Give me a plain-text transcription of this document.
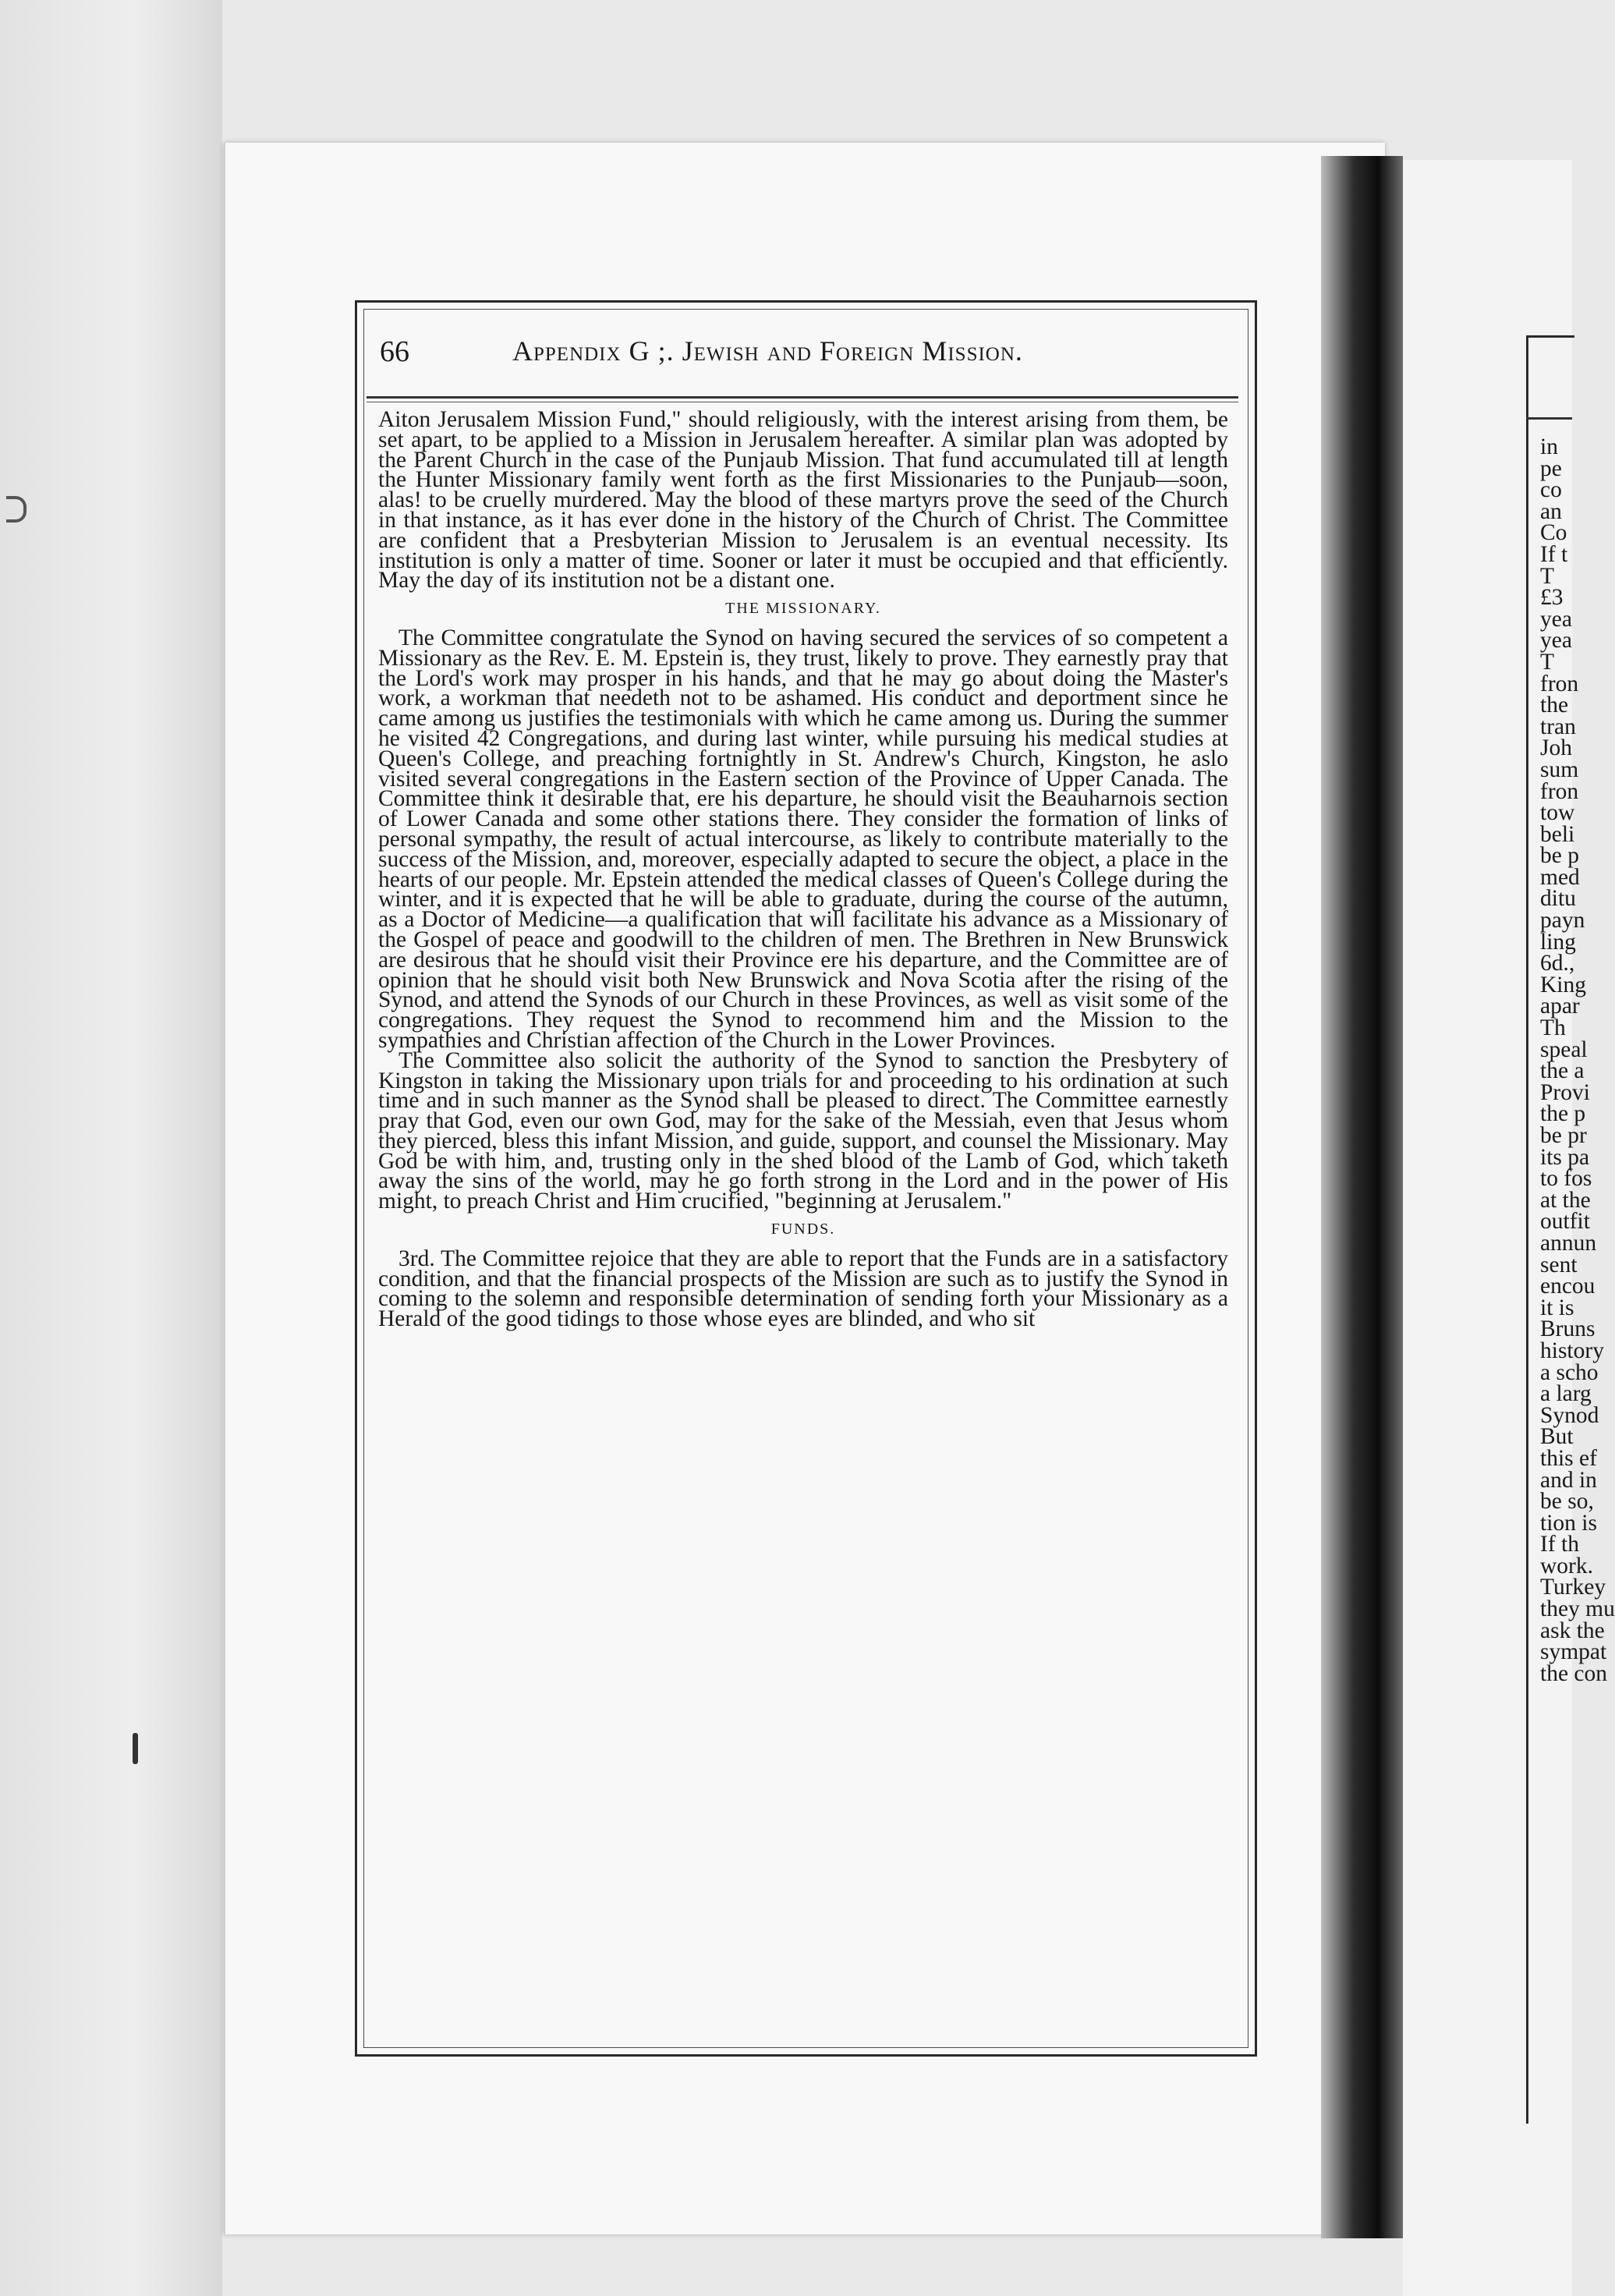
66	Appendix G ;. Jewish and Foreign Mission.

Aiton Jerusalem Mission Fund," should religiously, with the interest arising from them, be set apart, to be applied to a Mission in Jerusalem hereafter. A similar plan was adopted by the Parent Church in the case of the Punjaub Mission. That fund accumulated till at length the Hunter Missionary family went forth as the first Missionaries to the Punjaub—soon, alas! to be cruelly murdered. May the blood of these martyrs prove the seed of the Church in that instance, as it has ever done in the history of the Church of Christ. The Committee are confident that a Presbyterian Mission to Jerusalem is an eventual necessity. Its institution is only a matter of time. Sooner or later it must be occupied and that efficiently. May the day of its institution not be a distant one.

THE MISSIONARY.

The Committee congratulate the Synod on having secured the services of so competent a Missionary as the Rev. E. M. Epstein is, they trust, likely to prove. They earnestly pray that the Lord's work may prosper in his hands, and that he may go about doing the Master's work, a workman that needeth not to be ashamed. His conduct and deportment since he came among us justifies the testimonials with which he came among us. During the summer he visited 42 Congregations, and during last winter, while pursuing his medical studies at Queen's College, and preaching fortnightly in St. Andrew's Church, Kingston, he aslo visited several congregations in the Eastern section of the Province of Upper Canada. The Committee think it desirable that, ere his departure, he should visit the Beauharnois section of Lower Canada and some other stations there. They consider the formation of links of personal sympathy, the result of actual intercourse, as likely to contribute materially to the success of the Mission, and, moreover, especially adapted to secure the object, a place in the hearts of our people. Mr. Epstein attended the medical classes of Queen's College during the winter, and it is expected that he will be able to graduate, during the course of the autumn, as a Doctor of Medicine—a qualification that will facilitate his advance as a Missionary of the Gospel of peace and goodwill to the children of men. The Brethren in New Brunswick are desirous that he should visit their Province ere his departure, and the Committee are of opinion that he should visit both New Brunswick and Nova Scotia after the rising of the Synod, and attend the Synods of our Church in these Provinces, as well as visit some of the congregations. They request the Synod to recommend him and the Mission to the sympathies and Christian affection of the Church in the Lower Provinces.

The Committee also solicit the authority of the Synod to sanction the Presbytery of Kingston in taking the Missionary upon trials for and proceeding to his ordination at such time and in such manner as the Synod shall be pleased to direct. The Committee earnestly pray that God, even our own God, may for the sake of the Messiah, even that Jesus whom they pierced, bless this infant Mission, and guide, support, and counsel the Missionary. May God be with him, and, trusting only in the shed blood of the Lamb of God, which taketh away the sins of the world, may he go forth strong in the Lord and in the power of His might, to preach Christ and Him crucified, "beginning at Jerusalem."

FUNDS.

3rd. The Committee rejoice that they are able to report that the Funds are in a satisfactory condition, and that the financial prospects of the Mission are such as to justify the Synod in coming to the solemn and responsible determination of sending forth your Missionary as a Herald of the good tidings to those whose eyes are blinded, and who sit

in
pe
co
an
Co
If t
T
£3
yea
yea
T
fron
the
tran
Joh
sum
fron
tow
beli
be p
med
ditu
payn
ling
6d.,
King
apar
Th
speal
the a
Provi
the p
be pr
its pa
to fos
at the
outfit
annun
sent
encou
it is
Bruns
history
a scho
a larg
Synod
But
this ef
and in
be so,
tion is
If th
work.
Turkey
they mu
ask the
sympat
the con
